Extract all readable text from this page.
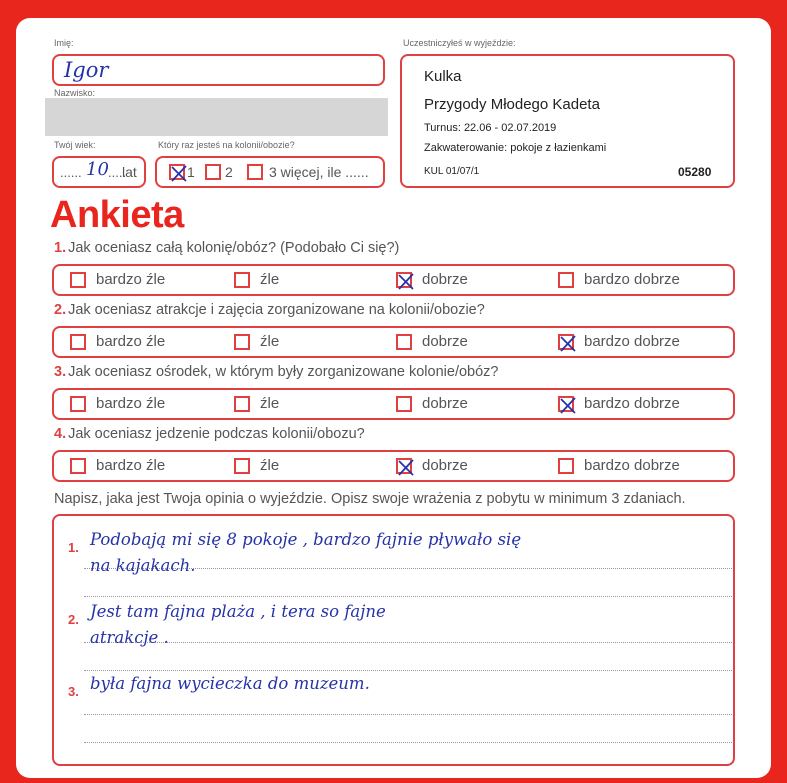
Imię:
Igor
Nazwisko:
Twój wiek:
...... 10 .....
lat
Który raz jesteś na kolonii/obozie?
1 2	3 więcej, ile ......
Uczestniczyłeś w wyjeździe:
Kulka
Przygody Młodego Kadeta
Turnus: 22.06 - 02.07.2019
Zakwaterowanie: pokoje z łazienkami
KUL 01/07/1	05280
Ankieta
1. Jak oceniasz całą kolonię/obóz? (Podobało Ci się?)
bardzo źle	źle	dobrze	bardzo dobrze
2. Jak oceniasz atrakcje i zajęcia zorganizowane na kolonii/obozie?
bardzo źle	źle	dobrze	bardzo dobrze
3. Jak oceniasz ośrodek, w którym były zorganizowane kolonie/obóz?
bardzo źle	źle	dobrze	bardzo dobrze
4. Jak oceniasz jedzenie podczas kolonii/obozu?
bardzo źle	źle	dobrze	bardzo dobrze
Napisz, jaka jest Twoja opinia o wyjeździe. Opisz swoje wrażenia z pobytu w minimum 3 zdaniach.
1. Podobają mi się 8 pokoje , bardzo fajnie pływało się
na kajakach.
2. Jest tam fajna plaża , i tera so fajne
atrakcje .
3. była fajna wycieczka do muzeum.
